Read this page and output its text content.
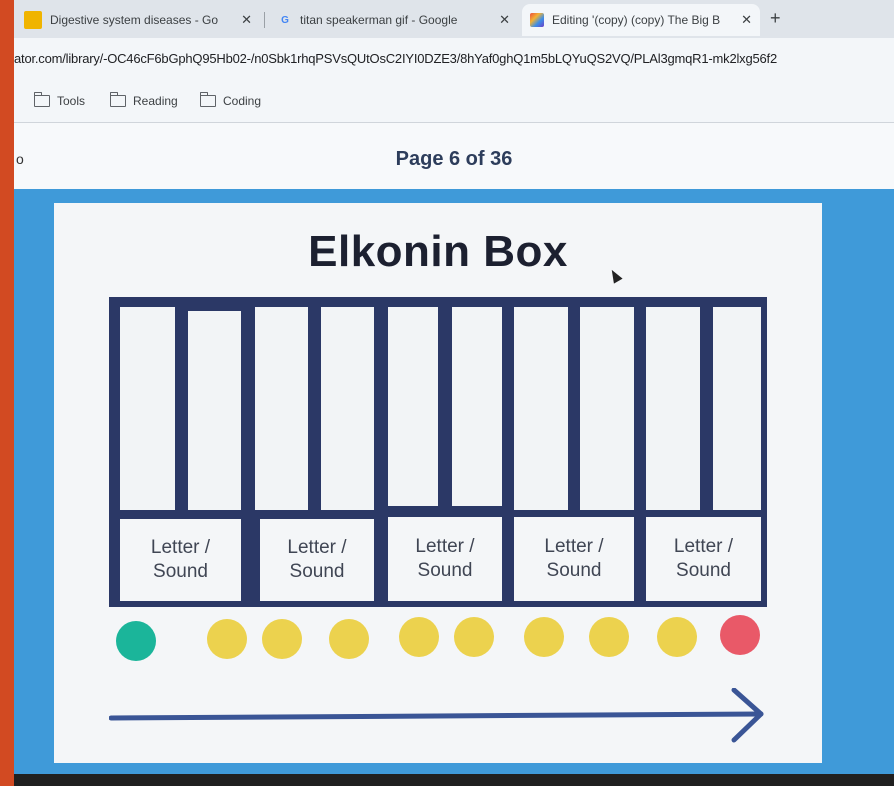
Digestive system diseases - Go	✕	G titan speakerman gif - Google	✕	Editing '(copy) (copy) The Big B	✕ +
ator.com/library/-OC46cF6bGphQ95Hb02-/n0Sbk1rhqPSVsQUtOsC2IYI0DZE3/8hYaf0ghQ1m5bLQYuQS2VQ/PLAl3gmqR1-mk2lxg56f2
Tools	Reading	Coding
o	Page 6 of 36
Elkonin Box
Letter /
Sound
Letter /
Sound
Letter /
Sound
Letter /
Sound
Letter /
Sound
